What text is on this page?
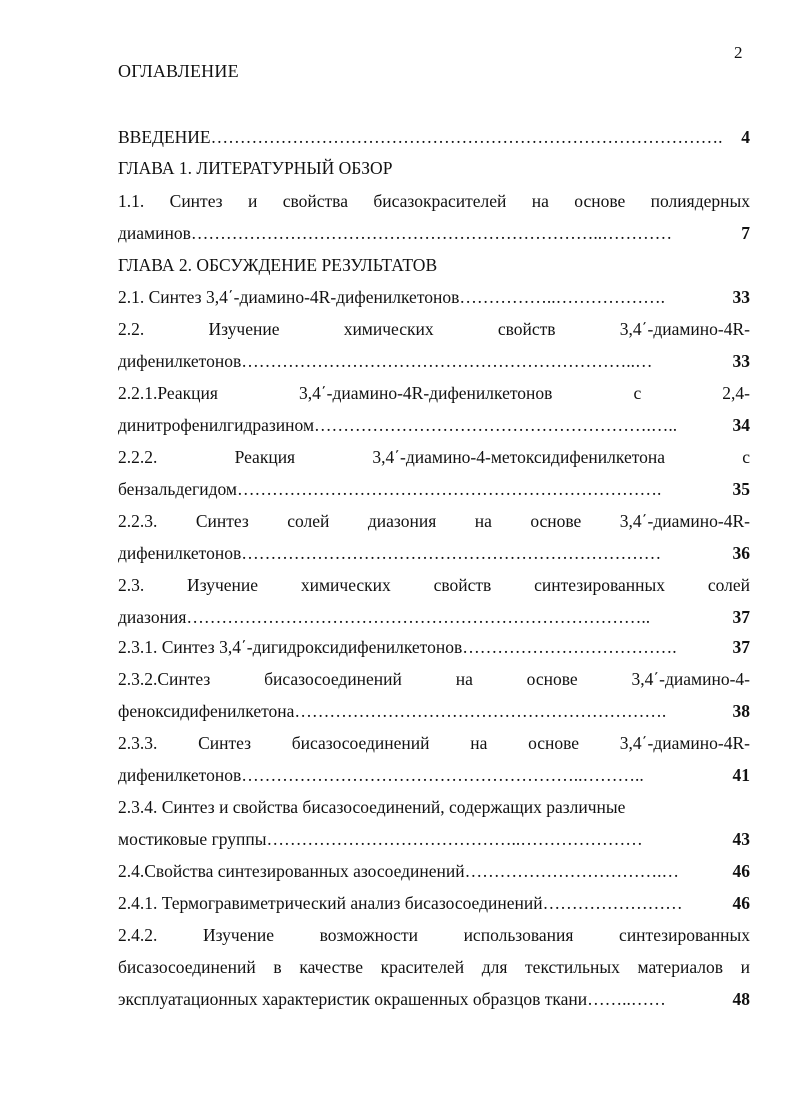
2
ОГЛАВЛЕНИЕ
ВВЕДЕНИЕ …………………………………………………………………………….	4
ГЛАВА 1. ЛИТЕРАТУРНЫЙ ОБЗОР
1.1. Синтез и свойства бисазокрасителей на основе полиядерных
диаминов ……………………………………………………………..…………	7
ГЛАВА 2. ОБСУЖДЕНИЕ РЕЗУЛЬТАТОВ
2.1. Синтез 3,4΄-диамино-4R-дифенилкетонов ……………..……………….	33
2.2. Изучение химических свойств 3,4΄-диамино-4R-
дифенилкетонов …………………………………………………………..…	33
2.2.1.Реакция 3,4΄-диамино-4R-дифенилкетонов с 2,4-
динитрофенилгидразином ………………………………………………….…..	34
2.2.2. Реакция 3,4΄-диамино-4-метоксидифенилкетона с
бензальдегидом ……………………………………………………………….	35
2.2.3. Синтез солей диазония на основе 3,4΄-диамино-4R-
дифенилкетонов ………………………………………………………………	36
2.3. Изучение химических свойств синтезированных солей
диазония ……………………………………………………………………..	37
2.3.1. Синтез 3,4΄-дигидроксидифенилкетонов ……………………………….	37
2.3.2.Синтез бисазосоединений на основе 3,4΄-диамино-4-
феноксидифенилкетона ……………………………………………………….	38
2.3.3. Синтез бисазосоединений на основе 3,4΄-диамино-4R-
дифенилкетонов …………………………………………………..………..	41
2.3.4. Синтез и свойства бисазосоединений, содержащих различные
мостиковые группы ……………………………………..…………………	43
2.4.Свойства синтезированных азосоединений …………………………….…	46
2.4.1. Термогравиметрический анализ бисазосоединений ……………………	46
2.4.2. Изучение возможности использования синтезированных
бисазосоединений в качестве красителей для текстильных материалов и
эксплуатационных характеристик окрашенных образцов ткани ……..……	48
